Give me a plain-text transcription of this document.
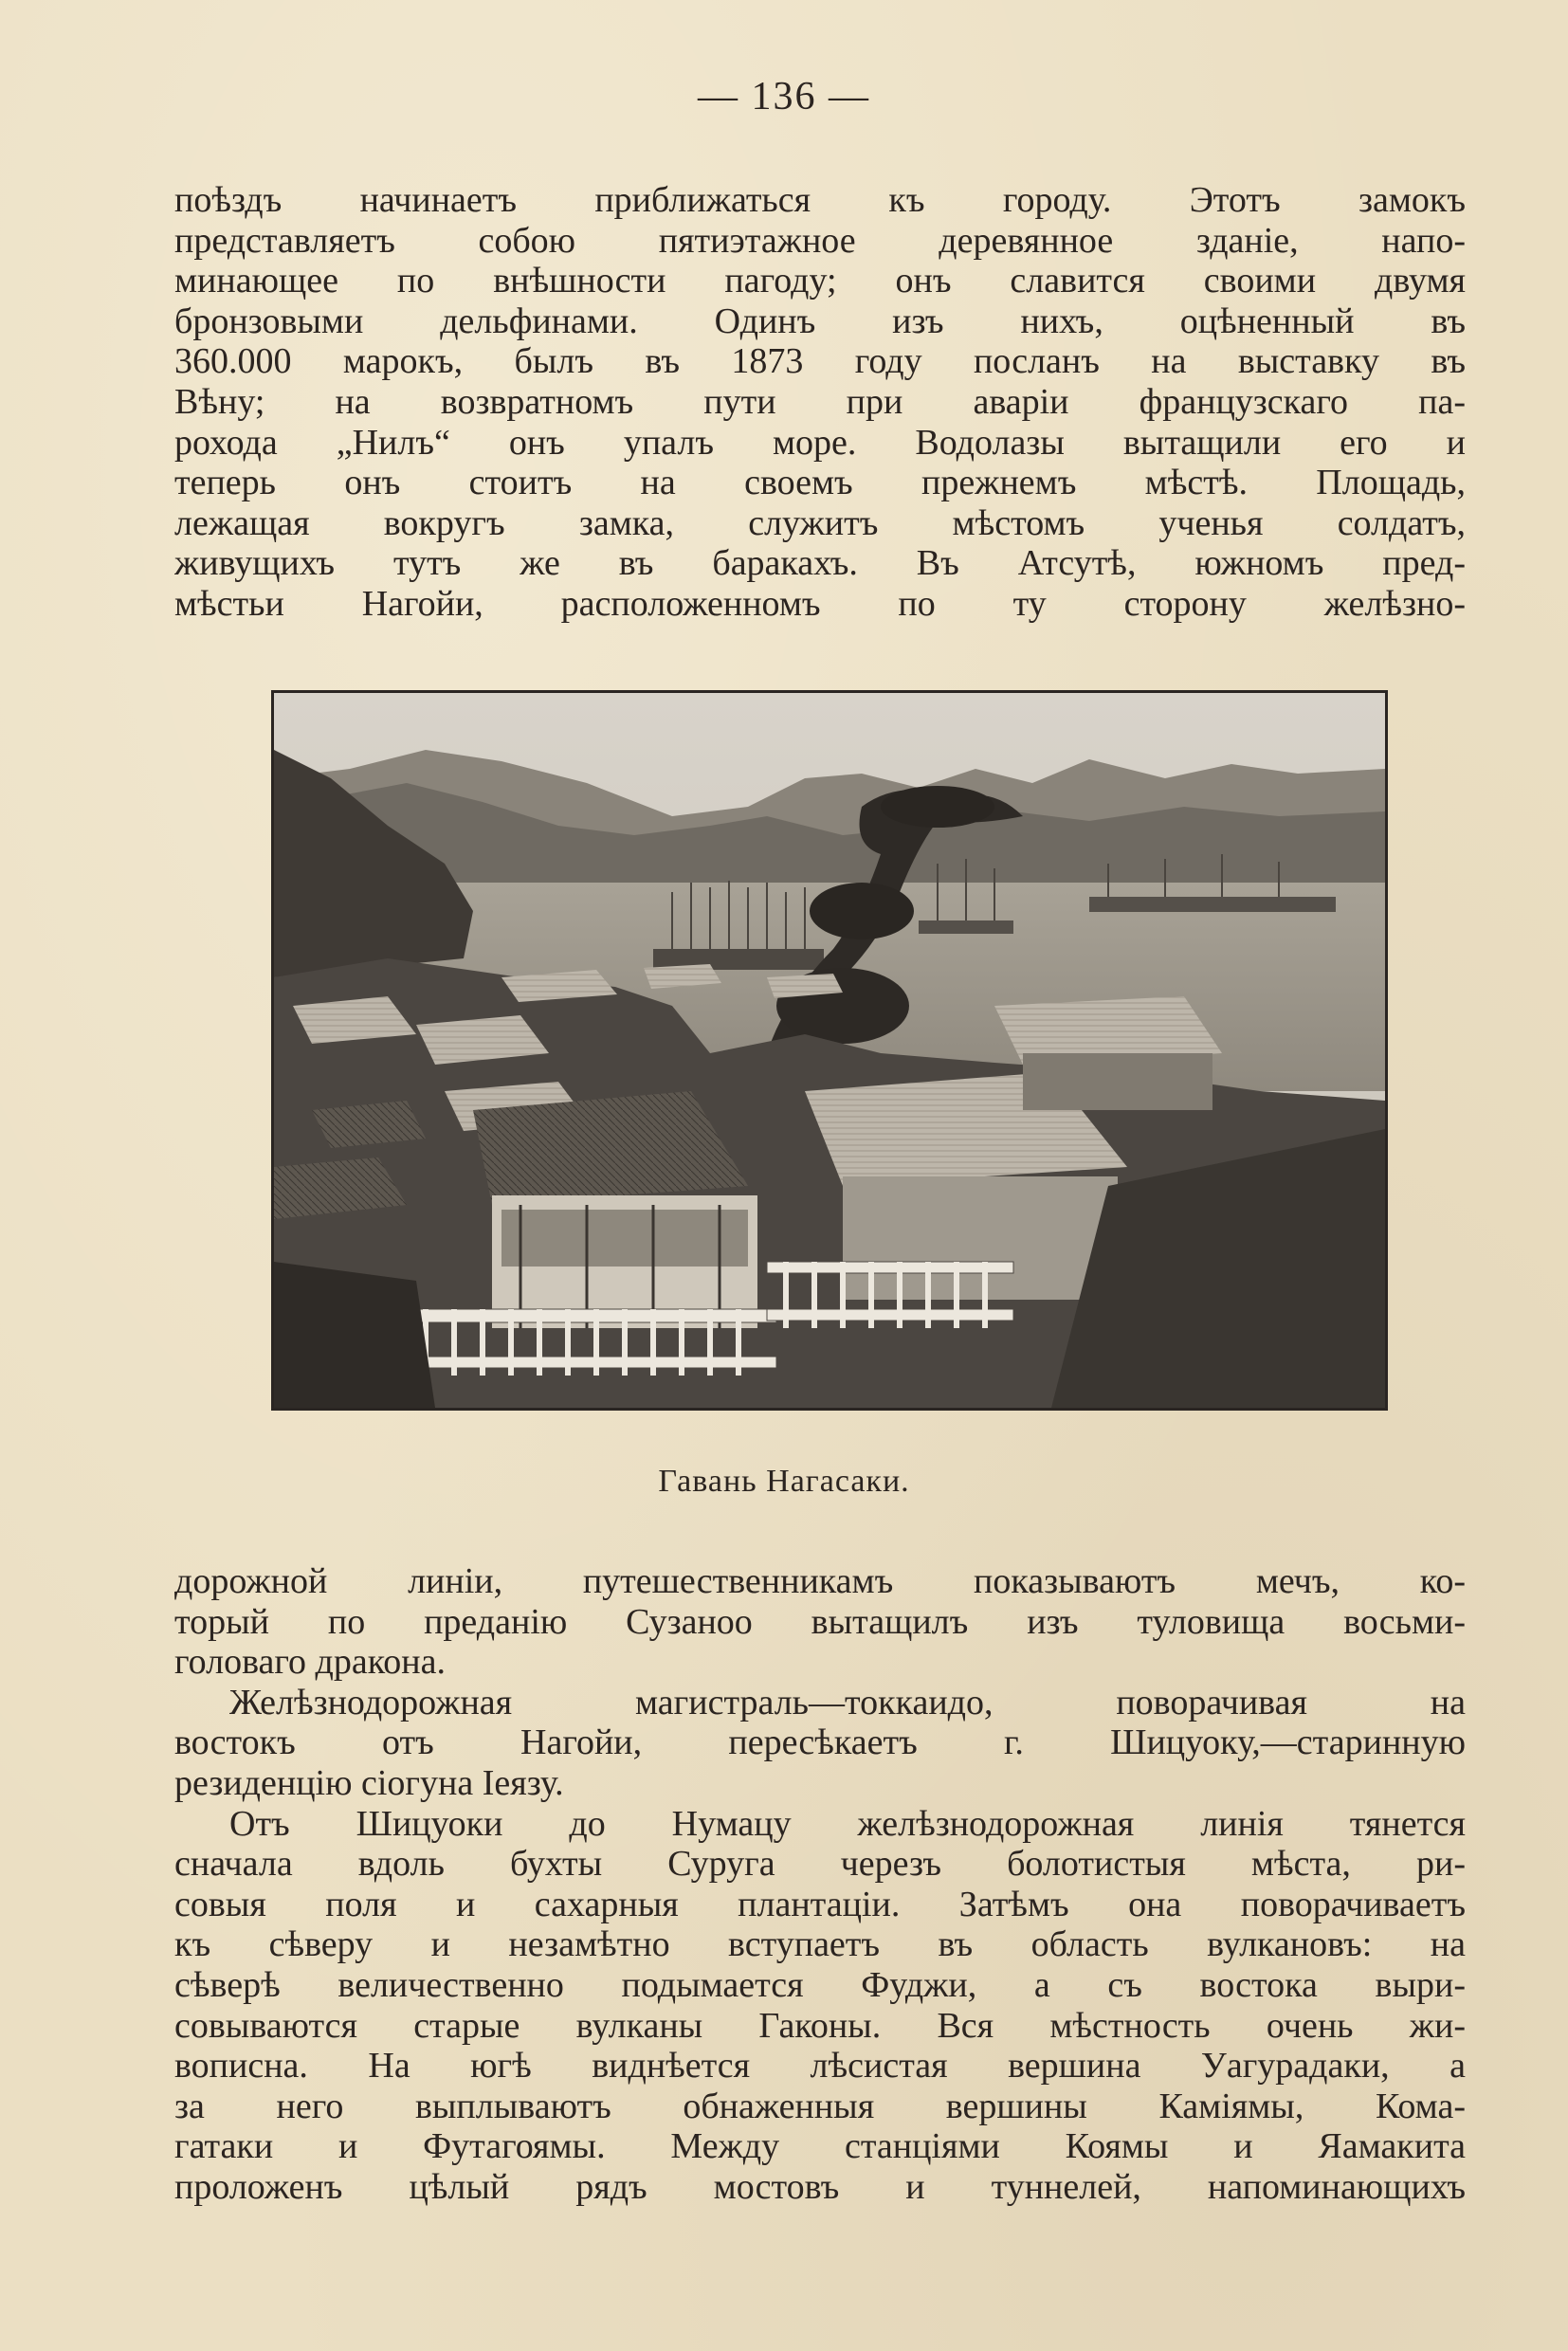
— 136 —
поѣздъ начинаетъ приближаться къ городу. Этотъ замокъ
представляетъ собою пятиэтажное деревянное зданіе, напо-
минающее по внѣшности пагоду; онъ славится своими двумя
бронзовыми дельфинами. Одинъ изъ нихъ, оцѣненный въ
360.000 марокъ, былъ въ 1873 году посланъ на выставку въ
Вѣну; на возвратномъ пути при аваріи французскаго па-
рохода „Нилъ“ онъ упалъ море. Водолазы вытащили его и
теперь онъ стоитъ на своемъ прежнемъ мѣстѣ. Площадь,
лежащая вокругъ замка, служитъ мѣстомъ ученья солдатъ,
живущихъ тутъ же въ баракахъ. Въ Атсутѣ, южномъ пред-
мѣстьи Нагойи, расположенномъ по ту сторону желѣзно-
Гавань Нагасаки.
дорожной линіи, путешественникамъ показываютъ мечъ, ко-
торый по преданію Сузаноо вытащилъ изъ туловища восьми-
головаго дракона.
Желѣзнодорожная магистраль—токкаидо, поворачивая на
востокъ отъ Нагойи, пересѣкаетъ г. Шицуоку,—старинную
резиденцію сіогуна Іеязу.
Отъ Шицуоки до Нумацу желѣзнодорожная линія тянется
сначала вдоль бухты Суруга черезъ болотистыя мѣста, ри-
совыя поля и сахарныя плантаціи. Затѣмъ она поворачиваетъ
къ сѣверу и незамѣтно вступаетъ въ область вулкановъ: на
сѣверѣ величественно подымается Фуджи, а съ востока выри-
совываются старые вулканы Гаконы. Вся мѣстность очень жи-
вописна. На югѣ виднѣется лѣсистая вершина Уагурадаки, а
за него выплываютъ обнаженныя вершины Каміямы, Кома-
гатаки и Футагоямы. Между станціями Коямы и Яамакита
проложенъ цѣлый рядъ мостовъ и туннелей, напоминающихъ
